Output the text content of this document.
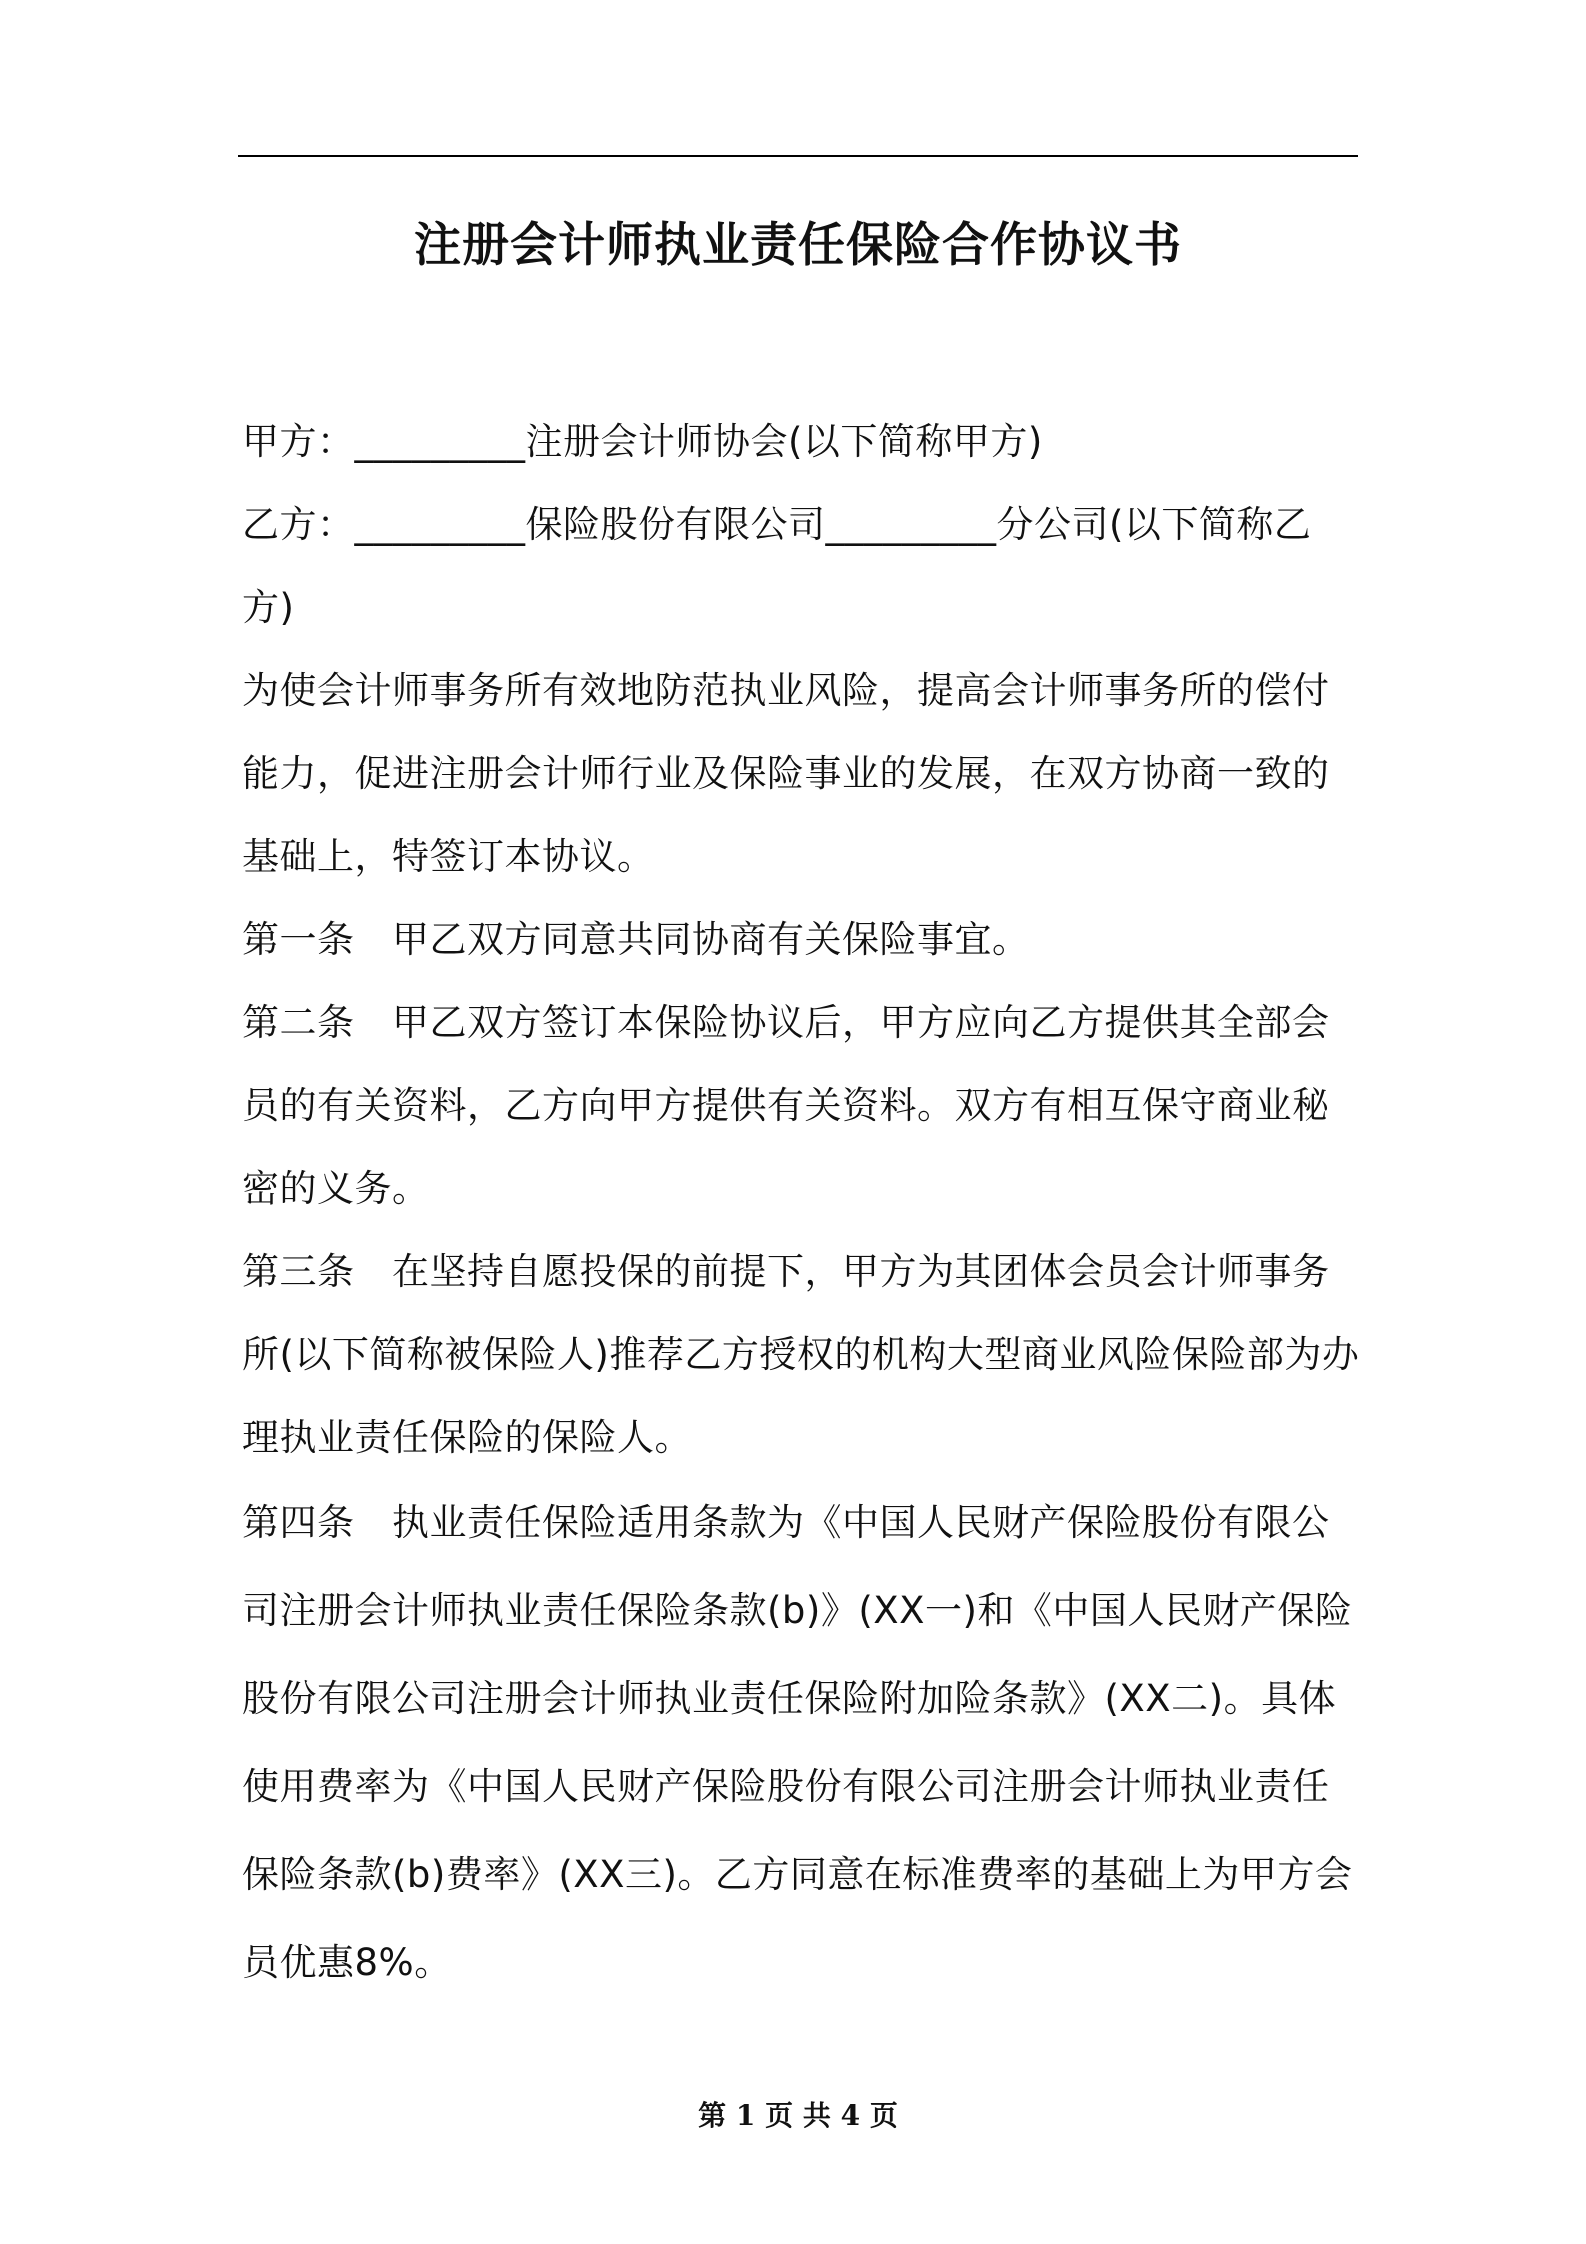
注册会计师执业责任保险合作协议书

甲方：_________注册会计师协会(以下简称甲方)

乙方：_________保险股份有限公司_________分公司(以下简称乙方)

为使会计师事务所有效地防范执业风险，提高会计师事务所的偿付能力，促进注册会计师行业及保险事业的发展，在双方协商一致的基础上，特签订本协议。

第一条　甲乙双方同意共同协商有关保险事宜。

第二条　甲乙双方签订本保险协议后，甲方应向乙方提供其全部会员的有关资料，乙方向甲方提供有关资料。双方有相互保守商业秘密的义务。

第三条　在坚持自愿投保的前提下，甲方为其团体会员会计师事务所(以下简称被保险人)推荐乙方授权的机构大型商业风险保险部为办理执业责任保险的保险人。

第四条　执业责任保险适用条款为《中国人民财产保险股份有限公司注册会计师执业责任保险条款(b)》(XX一)和《中国人民财产保险股份有限公司注册会计师执业责任保险附加险条款》(XX二)。具体使用费率为《中国人民财产保险股份有限公司注册会计师执业责任保险条款(b)费率》(XX三)。乙方同意在标准费率的基础上为甲方会员优惠8%。

第 1 页 共 4 页
